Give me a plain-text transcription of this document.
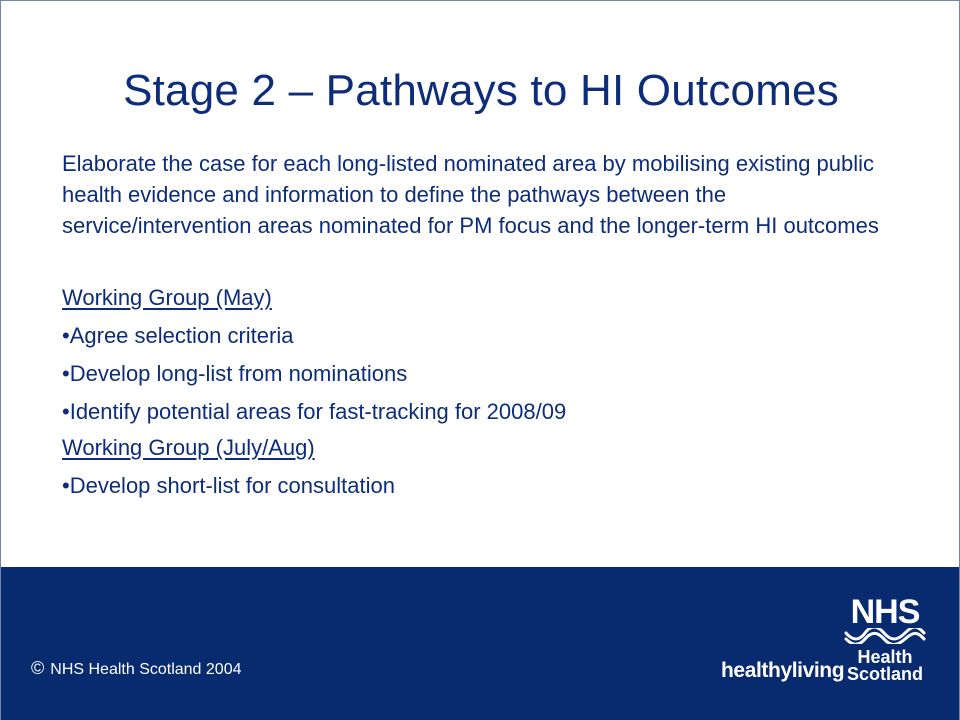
Stage 2 – Pathways to HI Outcomes

Elaborate the case for each long-listed nominated area by mobilising existing public health evidence and information to define the pathways between the service/intervention areas nominated for PM focus and the longer-term HI outcomes

Working Group (May)

•Agree selection criteria

•Develop long-list from nominations

•Identify potential areas for fast-tracking for 2008/09

Working Group (July/Aug)

•Develop short-list for consultation

© NHS Health Scotland 2004	healthyliving
NHS
Health
Scotland
